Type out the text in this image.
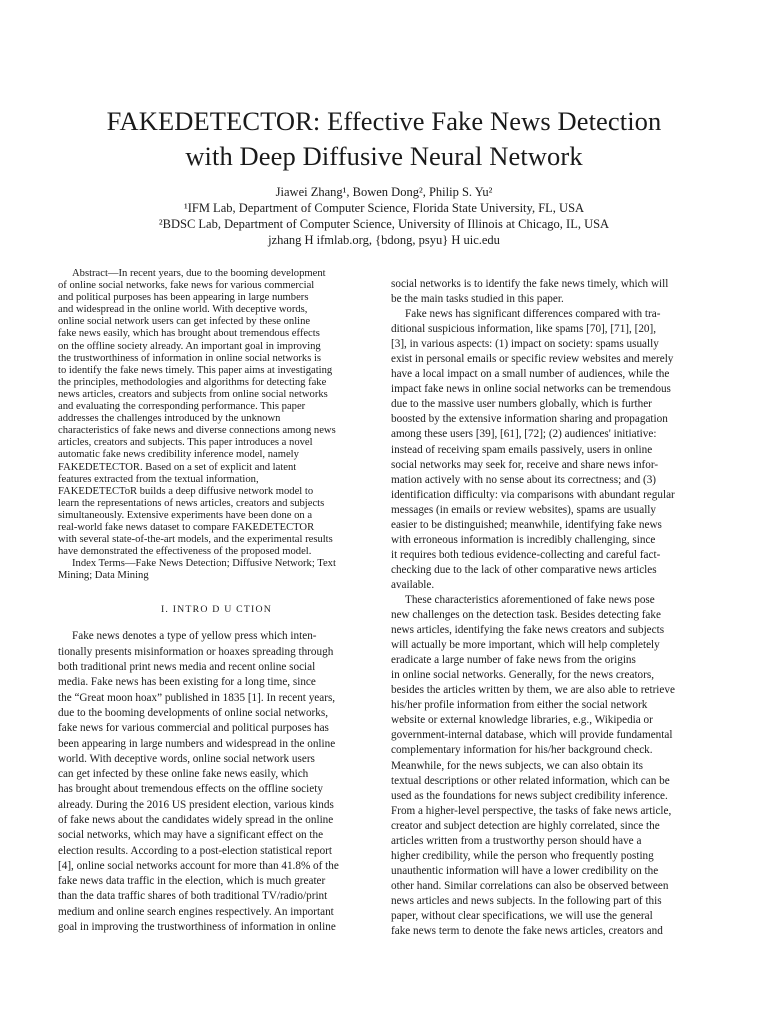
FAKEDETECTOR: Effective Fake News Detection
with Deep Diffusive Neural Network
Jiawei Zhang¹, Bowen Dong², Philip S. Yu²
¹IFM Lab, Department of Computer Science, Florida State University, FL, USA
²BDSC Lab, Department of Computer Science, University of Illinois at Chicago, IL, USA
jzhang H ifmlab.org, {bdong, psyu} H uic.edu
Abstract—In recent years, due to the booming development
of online social networks, fake news for various commercial
and political purposes has been appearing in large numbers
and widespread in the online world. With deceptive words,
online social network users can get infected by these online
fake news easily, which has brought about tremendous effects
on the offline society already. An important goal in improving
the trustworthiness of information in online social networks is
to identify the fake news timely. This paper aims at investigating
the principles, methodologies and algorithms for detecting fake
news articles, creators and subjects from online social networks
and evaluating the corresponding performance. This paper
addresses the challenges introduced by the unknown
characteristics of fake news and diverse connections among news
articles, creators and subjects. This paper introduces a novel
automatic fake news credibility inference model, namely
FAKEDETECTOR. Based on a set of explicit and latent
features extracted from the textual information,
FAKEDETECToR builds a deep diffusive network model to
learn the representations of news articles, creators and subjects
simultaneously. Extensive experiments have been done on a
real-world fake news dataset to compare FAKEDETECTOR
with several state-of-the-art models, and the experimental results
have demonstrated the effectiveness of the proposed model.
Index Terms—Fake News Detection; Diffusive Network; Text
Mining; Data Mining
I. INTRO D U CTION
Fake news denotes a type of yellow press which inten-
tionally presents misinformation or hoaxes spreading through
both traditional print news media and recent online social
media. Fake news has been existing for a long time, since
the “Great moon hoax” published in 1835 [1]. In recent years,
due to the booming developments of online social networks,
fake news for various commercial and political purposes has
been appearing in large numbers and widespread in the online
world. With deceptive words, online social network users
can get infected by these online fake news easily, which
has brought about tremendous effects on the offline society
already. During the 2016 US president election, various kinds
of fake news about the candidates widely spread in the online
social networks, which may have a significant effect on the
election results. According to a post-election statistical report
[4], online social networks account for more than 41.8% of the
fake news data traffic in the election, which is much greater
than the data traffic shares of both traditional TV/radio/print
medium and online search engines respectively. An important
goal in improving the trustworthiness of information in online
social networks is to identify the fake news timely, which will
be the main tasks studied in this paper.
Fake news has significant differences compared with tra-
ditional suspicious information, like spams [70], [71], [20],
[3], in various aspects: (1) impact on society: spams usually
exist in personal emails or specific review websites and merely
have a local impact on a small number of audiences, while the
impact fake news in online social networks can be tremendous
due to the massive user numbers globally, which is further
boosted by the extensive information sharing and propagation
among these users [39], [61], [72]; (2) audiences' initiative:
instead of receiving spam emails passively, users in online
social networks may seek for, receive and share news infor-
mation actively with no sense about its correctness; and (3)
identification difficulty: via comparisons with abundant regular
messages (in emails or review websites), spams are usually
easier to be distinguished; meanwhile, identifying fake news
with erroneous information is incredibly challenging, since
it requires both tedious evidence-collecting and careful fact-
checking due to the lack of other comparative news articles
available.
These characteristics aforementioned of fake news pose
new challenges on the detection task. Besides detecting fake
news articles, identifying the fake news creators and subjects
will actually be more important, which will help completely
eradicate a large number of fake news from the origins
in online social networks. Generally, for the news creators,
besides the articles written by them, we are also able to retrieve
his/her profile information from either the social network
website or external knowledge libraries, e.g., Wikipedia or
government-internal database, which will provide fundamental
complementary information for his/her background check.
Meanwhile, for the news subjects, we can also obtain its
textual descriptions or other related information, which can be
used as the foundations for news subject credibility inference.
From a higher-level perspective, the tasks of fake news article,
creator and subject detection are highly correlated, since the
articles written from a trustworthy person should have a
higher credibility, while the person who frequently posting
unauthentic information will have a lower credibility on the
other hand. Similar correlations can also be observed between
news articles and news subjects. In the following part of this
paper, without clear specifications, we will use the general
fake news term to denote the fake news articles, creators and
